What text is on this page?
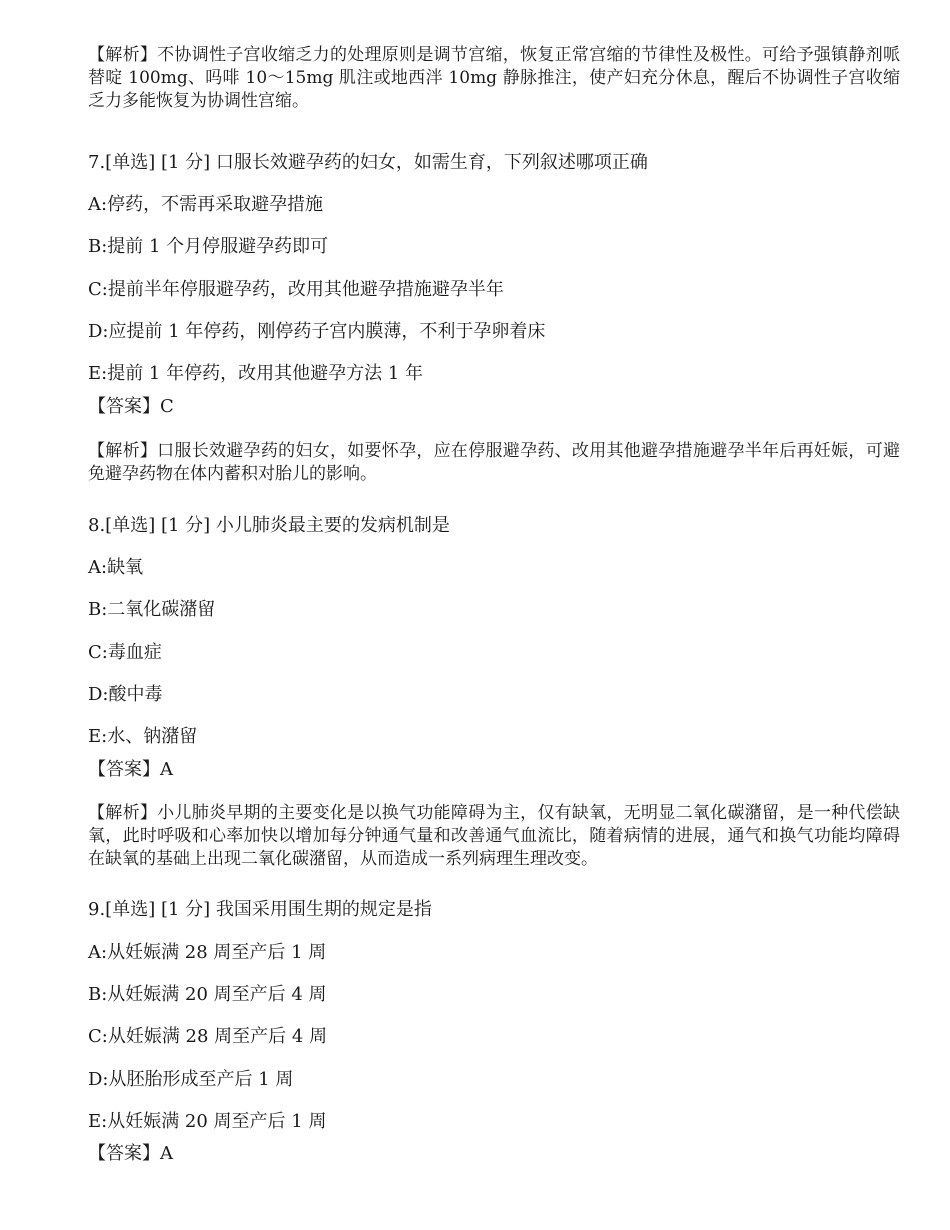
【解析】不协调性子宫收缩乏力的处理原则是调节宫缩，恢复正常宫缩的节律性及极性。可给予强镇静剂哌替啶 100mg、吗啡 10～15mg 肌注或地西泮 10mg 静脉推注，使产妇充分休息，醒后不协调性子宫收缩乏力多能恢复为协调性宫缩。

7.[单选] [1 分] 口服长效避孕药的妇女，如需生育，下列叙述哪项正确

A:停药，不需再采取避孕措施

B:提前 1 个月停服避孕药即可

C:提前半年停服避孕药，改用其他避孕措施避孕半年

D:应提前 1 年停药，刚停药子宫内膜薄，不利于孕卵着床

E:提前 1 年停药，改用其他避孕方法 1 年

【答案】C

【解析】口服长效避孕药的妇女，如要怀孕，应在停服避孕药、改用其他避孕措施避孕半年后再妊娠，可避免避孕药物在体内蓄积对胎儿的影响。

8.[单选] [1 分] 小儿肺炎最主要的发病机制是

A:缺氧

B:二氧化碳潴留

C:毒血症

D:酸中毒

E:水、钠潴留

【答案】A

【解析】小儿肺炎早期的主要变化是以换气功能障碍为主，仅有缺氧，无明显二氧化碳潴留，是一种代偿缺氧，此时呼吸和心率加快以增加每分钟通气量和改善通气血流比，随着病情的进展，通气和换气功能均障碍在缺氧的基础上出现二氧化碳潴留，从而造成一系列病理生理改变。

9.[单选] [1 分] 我国采用围生期的规定是指

A:从妊娠满 28 周至产后 1 周

B:从妊娠满 20 周至产后 4 周

C:从妊娠满 28 周至产后 4 周

D:从胚胎形成至产后 1 周

E:从妊娠满 20 周至产后 1 周

【答案】A
